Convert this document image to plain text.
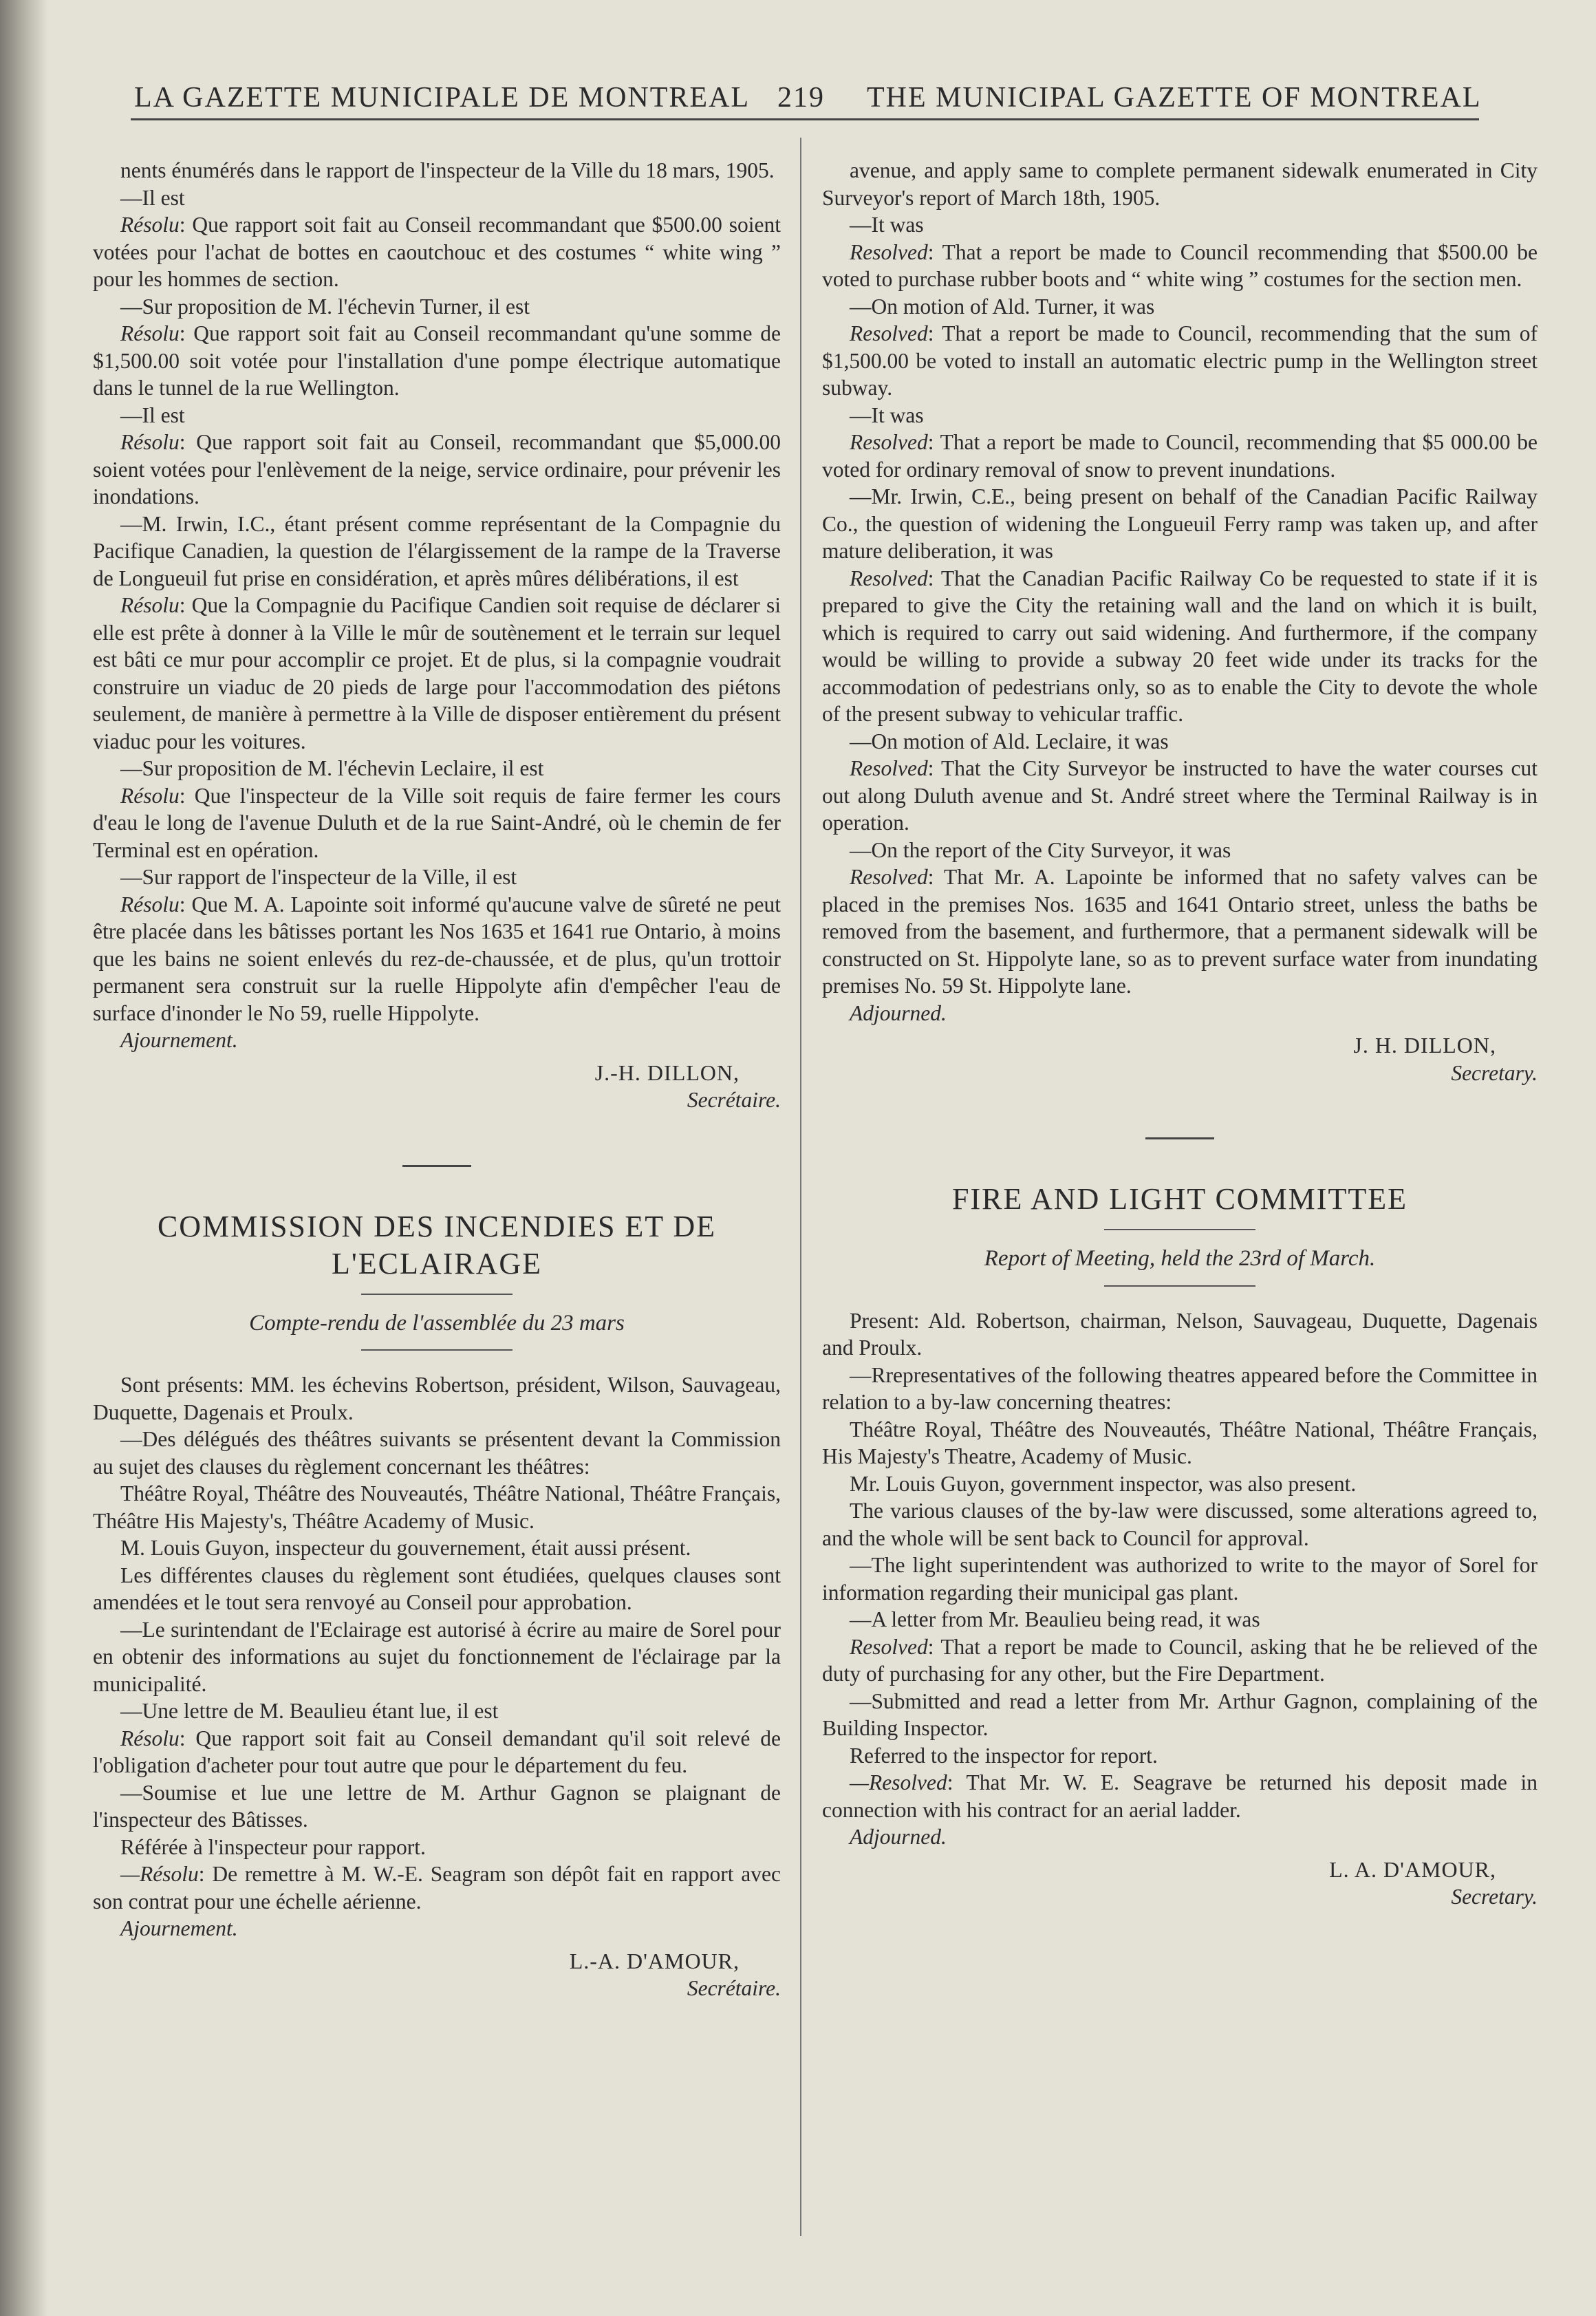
LA GAZETTE MUNICIPALE DE MONTREAL 219 THE MUNICIPAL GAZETTE OF MONTREAL

nents énumérés dans le rapport de l'inspecteur de la Ville du 18 mars, 1905.

—Il est

Résolu: Que rapport soit fait au Conseil recommandant que $500.00 soient votées pour l'achat de bottes en caoutchouc et des costumes “ white wing ” pour les hommes de section.

—Sur proposition de M. l'échevin Turner, il est

Résolu: Que rapport soit fait au Conseil recommandant qu'une somme de $1,500.00 soit votée pour l'installation d'une pompe électrique automatique dans le tunnel de la rue Wellington.

—Il est

Résolu: Que rapport soit fait au Conseil, recommandant que $5,000.00 soient votées pour l'enlèvement de la neige, service ordinaire, pour prévenir les inondations.

—M. Irwin, I.C., étant présent comme représentant de la Compagnie du Pacifique Canadien, la question de l'élargissement de la rampe de la Traverse de Longueuil fut prise en considération, et après mûres délibérations, il est

Résolu: Que la Compagnie du Pacifique Candien soit requise de déclarer si elle est prête à donner à la Ville le mûr de soutènement et le terrain sur lequel est bâti ce mur pour accomplir ce projet. Et de plus, si la compagnie voudrait construire un viaduc de 20 pieds de large pour l'accommodation des piétons seulement, de manière à permettre à la Ville de disposer entièrement du présent viaduc pour les voitures.

—Sur proposition de M. l'échevin Leclaire, il est

Résolu: Que l'inspecteur de la Ville soit requis de faire fermer les cours d'eau le long de l'avenue Duluth et de la rue Saint-André, où le chemin de fer Terminal est en opération.

—Sur rapport de l'inspecteur de la Ville, il est

Résolu: Que M. A. Lapointe soit informé qu'aucune valve de sûreté ne peut être placée dans les bâtisses portant les Nos 1635 et 1641 rue Ontario, à moins que les bains ne soient enlevés du rez-de-chaussée, et de plus, qu'un trottoir permanent sera construit sur la ruelle Hippolyte afin d'empêcher l'eau de surface d'inonder le No 59, ruelle Hippolyte.

Ajournement.
J.-H. DILLON,
Secrétaire.
COMMISSION DES INCENDIES ET DE L'ECLAIRAGE
Compte-rendu de l'assemblée du 23 mars

Sont présents: MM. les échevins Robertson, président, Wilson, Sauvageau, Duquette, Dagenais et Proulx.

—Des délégués des théâtres suivants se présentent devant la Commission au sujet des clauses du règlement concernant les théâtres:

Théâtre Royal, Théâtre des Nouveautés, Théâtre National, Théâtre Français, Théâtre His Majesty's, Théâtre Academy of Music.

M. Louis Guyon, inspecteur du gouvernement, était aussi présent.

Les différentes clauses du règlement sont étudiées, quelques clauses sont amendées et le tout sera renvoyé au Conseil pour approbation.

—Le surintendant de l'Eclairage est autorisé à écrire au maire de Sorel pour en obtenir des informations au sujet du fonctionnement de l'éclairage par la municipalité.

—Une lettre de M. Beaulieu étant lue, il est

Résolu: Que rapport soit fait au Conseil demandant qu'il soit relevé de l'obligation d'acheter pour tout autre que pour le département du feu.

—Soumise et lue une lettre de M. Arthur Gagnon se plaignant de l'inspecteur des Bâtisses.

Référée à l'inspecteur pour rapport.

—Résolu: De remettre à M. W.-E. Seagram son dépôt fait en rapport avec son contrat pour une échelle aérienne.

Ajournement.
L.-A. D'AMOUR,
Secrétaire.

avenue, and apply same to complete permanent sidewalk enumerated in City Surveyor's report of March 18th, 1905.

—It was

Resolved: That a report be made to Council recommending that $500.00 be voted to purchase rubber boots and “ white wing ” costumes for the section men.

—On motion of Ald. Turner, it was

Resolved: That a report be made to Council, recommending that the sum of $1,500.00 be voted to install an automatic electric pump in the Wellington street subway.

—It was

Resolved: That a report be made to Council, recommending that $5 000.00 be voted for ordinary removal of snow to prevent inundations.

—Mr. Irwin, C.E., being present on behalf of the Canadian Pacific Railway Co., the question of widening the Longueuil Ferry ramp was taken up, and after mature deliberation, it was

Resolved: That the Canadian Pacific Railway Co be requested to state if it is prepared to give the City the retaining wall and the land on which it is built, which is required to carry out said widening. And furthermore, if the company would be willing to provide a subway 20 feet wide under its tracks for the accommodation of pedestrians only, so as to enable the City to devote the whole of the present subway to vehicular traffic.

—On motion of Ald. Leclaire, it was

Resolved: That the City Surveyor be instructed to have the water courses cut out along Duluth avenue and St. André street where the Terminal Railway is in operation.

—On the report of the City Surveyor, it was

Resolved: That Mr. A. Lapointe be informed that no safety valves can be placed in the premises Nos. 1635 and 1641 Ontario street, unless the baths be removed from the basement, and furthermore, that a permanent sidewalk will be constructed on St. Hippolyte lane, so as to prevent surface water from inundating premises No. 59 St. Hippolyte lane.

Adjourned.
J. H. DILLON,
Secretary.
FIRE AND LIGHT COMMITTEE
Report of Meeting, held the 23rd of March.

Present: Ald. Robertson, chairman, Nelson, Sauvageau, Duquette, Dagenais and Proulx.

—Rrepresentatives of the following theatres appeared before the Committee in relation to a by-law concerning theatres:

Théâtre Royal, Théâtre des Nouveautés, Théâtre National, Théâtre Français, His Majesty's Theatre, Academy of Music.

Mr. Louis Guyon, government inspector, was also present.

The various clauses of the by-law were discussed, some alterations agreed to, and the whole will be sent back to Council for approval.

—The light superintendent was authorized to write to the mayor of Sorel for information regarding their municipal gas plant.

—A letter from Mr. Beaulieu being read, it was

Resolved: That a report be made to Council, asking that he be relieved of the duty of purchasing for any other, but the Fire Department.

—Submitted and read a letter from Mr. Arthur Gagnon, complaining of the Building Inspector.

Referred to the inspector for report.

—Resolved: That Mr. W. E. Seagrave be returned his deposit made in connection with his contract for an aerial ladder.

Adjourned.
L. A. D'AMOUR,
Secretary.
